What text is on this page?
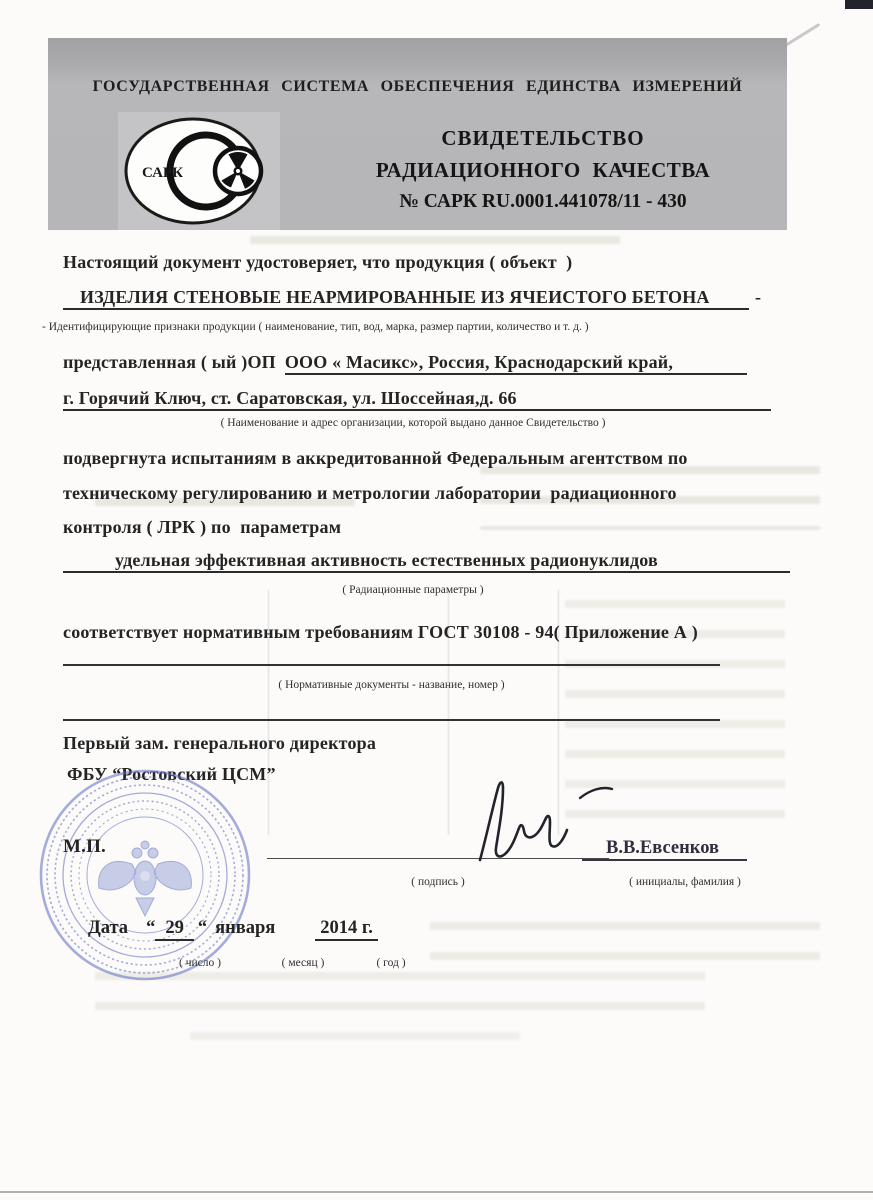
ГОСУДАРСТВЕННАЯ СИСТЕМА ОБЕСПЕЧЕНИЯ ЕДИНСТВА ИЗМЕРЕНИЙ
САРК
СВИДЕТЕЛЬСТВО
РАДИАЦИОННОГО КАЧЕСТВА
№ САРК RU.0001.441078/11 - 430
Настоящий документ удостоверяет, что продукция ( объект  )
ИЗДЕЛИЯ СТЕНОВЫЕ НЕАРМИРОВАННЫЕ ИЗ ЯЧЕИСТОГО БЕТОНА	-
- Идентифицирующие признаки продукции ( наименование, тип, вод, марка, размер партии, количество и т. д. )
представленная ( ый )ОП ООО « Масикс», Россия, Краснодарский край,
г. Горячий Ключ, ст. Саратовская, ул. Шоссейная,д. 66
( Наименование и адрес организации, которой выдано данное Свидетельство )
подвергнута испытаниям в аккредитованной Федеральным агентством по
техническому регулированию и метрологии лаборатории  радиационного
контроля ( ЛРК ) по  параметрам
удельная эффективная активность естественных радионуклидов
( Радиационные параметры )
соответствует нормативным требованиям ГОСТ 30108 - 94( Приложение А )
( Нормативные документы - название, номер )
Первый зам. генерального директора
ФБУ “Ростовский ЦСМ”
М.П.	В.В.Евсенков
( подпись )	( инициалы, фамилия )
Дата “ 29 “ января 2014 г.
( число )	( месяц )	( год )
